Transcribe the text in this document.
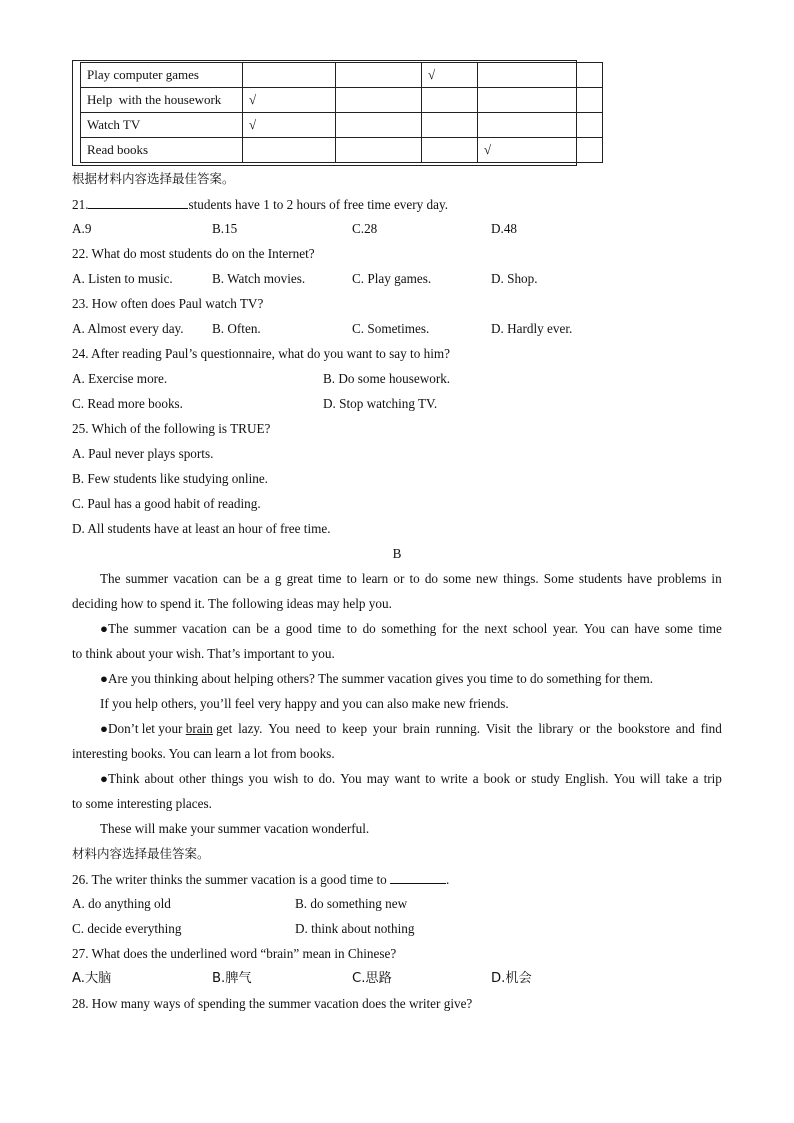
Play computer games			√	
Help  with the housework	√			
Watch TV	√			
Read books				√
根据材料内容选择最佳答案。
21.	students have 1 to 2 hours of free time every day.
A.9	B.15	C.28	D.48
22. What do most students do on the Internet?
A. Listen to music.	B. Watch movies.	C. Play games.	D. Shop.
23. How often does Paul watch TV?
A. Almost every day. B. Often.	C. Sometimes.	D. Hardly ever.
24. After reading Paul’s questionnaire, what do you want to say to him?
A. Exercise more.	B. Do some housework.
C. Read more books.	D. Stop watching TV.
25. Which of the following is TRUE?
A. Paul never plays sports.
B. Few students like studying online.
C. Paul has a good habit of reading.
D. All students have at least an hour of free time.
B
The summer vacation can be a g great time to learn or to do some new things. Some students have problems in
deciding how to spend it. The following ideas may help you.
●The summer vacation can be a good time to do something for the next school year. You can have some time
to think about your wish. That’s important to you.
●Are you thinking about helping others? The summer vacation gives you time to do something for them.
If you help others, you’ll feel very happy and you can also make new friends.
●Don’t let your
brain
get lazy. You need to keep your brain running. Visit the library or the bookstore and find
interesting books. You can learn a lot from books.
●Think about other things you wish to do. You may want to write a book or study English. You will take a trip
to some interesting places.
These will make your summer vacation wonderful.
材料内容选择最佳答案。
26. The writer thinks the summer vacation is a good time to	.
A. do anything old	B. do something new
C. decide everything	D. think about nothing
27. What does the underlined word “brain” mean in Chinese?
A.大脑	B.脾气	C.思路	D.机会
28. How many ways of spending the summer vacation does the writer give?
